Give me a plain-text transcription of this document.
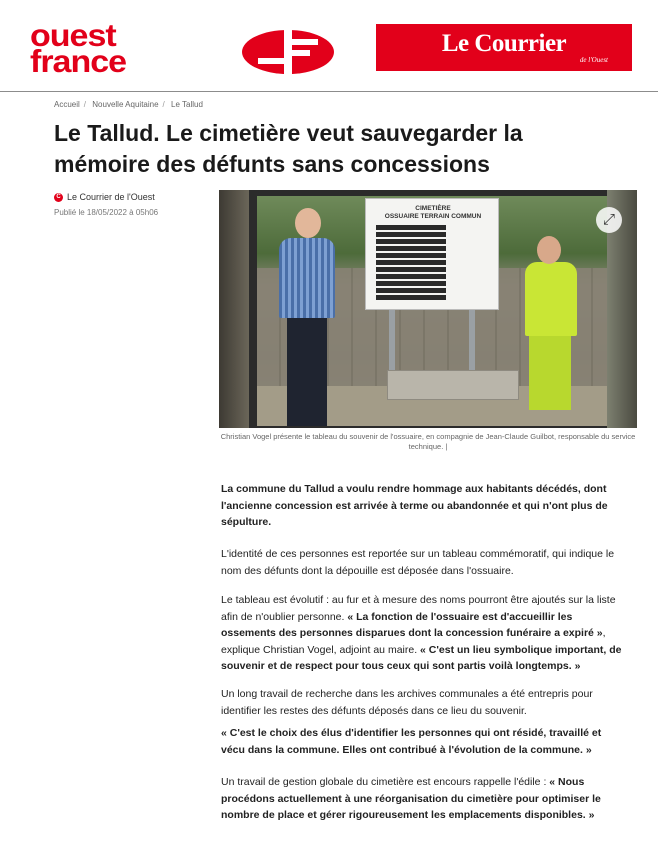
ouest
france
Le Courrier
de l'Ouest
Accueil / Nouvelle Aquitaine / Le Tallud
Le Tallud. Le cimetière veut sauvegarder la mémoire des défunts sans concessions
C Le Courrier de l'Ouest
Publié le 18/05/2022 à 05h06	CIMETIÈRE
OSSUAIRE TERRAIN COMMUN	⤢
Christian Vogel présente le tableau du souvenir de l'ossuaire, en compagnie de Jean-Claude Guilbot, responsable du service technique. |

La commune du Tallud a voulu rendre hommage aux habitants décédés, dont l'ancienne concession est arrivée à terme ou abandonnée et qui n'ont plus de sépulture.

L'identité de ces personnes est reportée sur un tableau commémoratif, qui indique le nom des défunts dont la dépouille est déposée dans l'ossuaire.

Le tableau est évolutif : au fur et à mesure des noms pourront être ajoutés sur la liste afin de n'oublier personne. « La fonction de l'ossuaire est d'accueillir les ossements des personnes disparues dont la concession funéraire a expiré », explique Christian Vogel, adjoint au maire. « C'est un lieu symbolique important, de souvenir et de respect pour tous ceux qui sont partis voilà longtemps. »

Un long travail de recherche dans les archives communales a été entrepris pour identifier les restes des défunts déposés dans ce lieu du souvenir.

« C'est le choix des élus d'identifier les personnes qui ont résidé, travaillé et vécu dans la commune. Elles ont contribué à l'évolution de la commune. »

Un travail de gestion globale du cimetière est encours rappelle l'édile : « Nous procédons actuellement à une réorganisation du cimetière pour optimiser le nombre de place et gérer rigoureusement les emplacements disponibles. »
